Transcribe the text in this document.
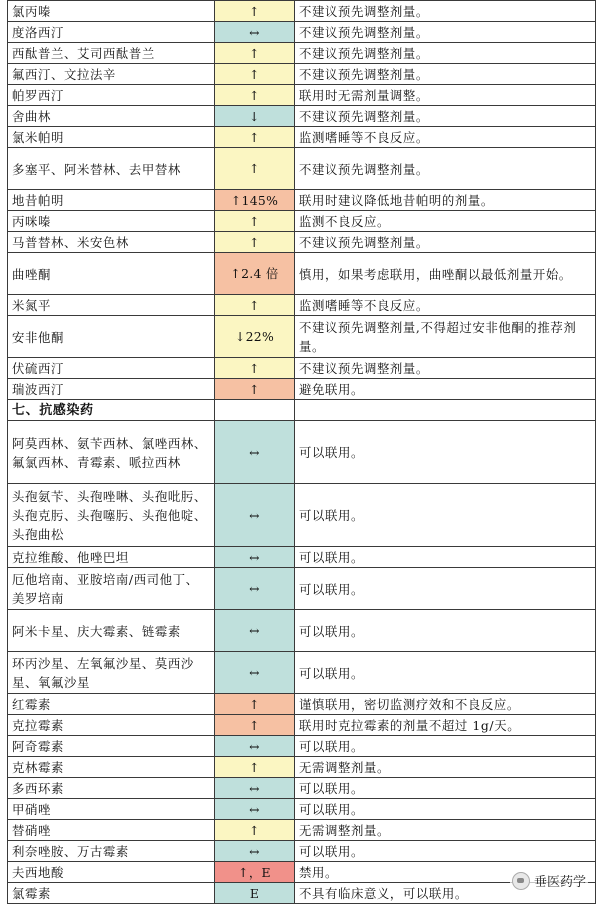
氯丙嗪	↑	不建议预先调整剂量。
度洛西汀	↔	不建议预先调整剂量。
西酞普兰、艾司西酞普兰	↑	不建议预先调整剂量。
氟西汀、文拉法辛	↑	不建议预先调整剂量。
帕罗西汀	↑	联用时无需剂量调整。
舍曲林	↓	不建议预先调整剂量。
氯米帕明	↑	监测嗜睡等不良反应。
多塞平、阿米替林、去甲替林	↑	不建议预先调整剂量。
地昔帕明	↑145%	联用时建议降低地昔帕明的剂量。
丙咪嗪	↑	监测不良反应。
马普替林、米安色林	↑	不建议预先调整剂量。
曲唑酮	↑2.4 倍	慎用，如果考虑联用，曲唑酮以最低剂量开始。
米氮平	↑	监测嗜睡等不良反应。
安非他酮	↓22%	不建议预先调整剂量,不得超过安非他酮的推荐剂量。
伏硫西汀	↑	不建议预先调整剂量。
瑞波西汀	↑	避免联用。
七、抗感染药		
阿莫西林、氨苄西林、氯唑西林、氟氯西林、青霉素、哌拉西林	↔	可以联用。
头孢氨苄、头孢唑啉、头孢吡肟、头孢克肟、头孢噻肟、头孢他啶、头孢曲松	↔	可以联用。
克拉维酸、他唑巴坦	↔	可以联用。
厄他培南、亚胺培南/西司他丁、美罗培南	↔	可以联用。
阿米卡星、庆大霉素、链霉素	↔	可以联用。
环丙沙星、左氧氟沙星、莫西沙星、氧氟沙星	↔	可以联用。
红霉素	↑	谨慎联用，密切监测疗效和不良反应。
克拉霉素	↑	联用时克拉霉素的剂量不超过 1g/天。
阿奇霉素	↔	可以联用。
克林霉素	↑	无需调整剂量。
多西环素	↔	可以联用。
甲硝唑	↔	可以联用。
替硝唑	↑	无需调整剂量。
利奈唑胺、万古霉素	↔	可以联用。
夫西地酸	↑，E	禁用。
氯霉素	E	不具有临床意义，可以联用。
垂医药学
